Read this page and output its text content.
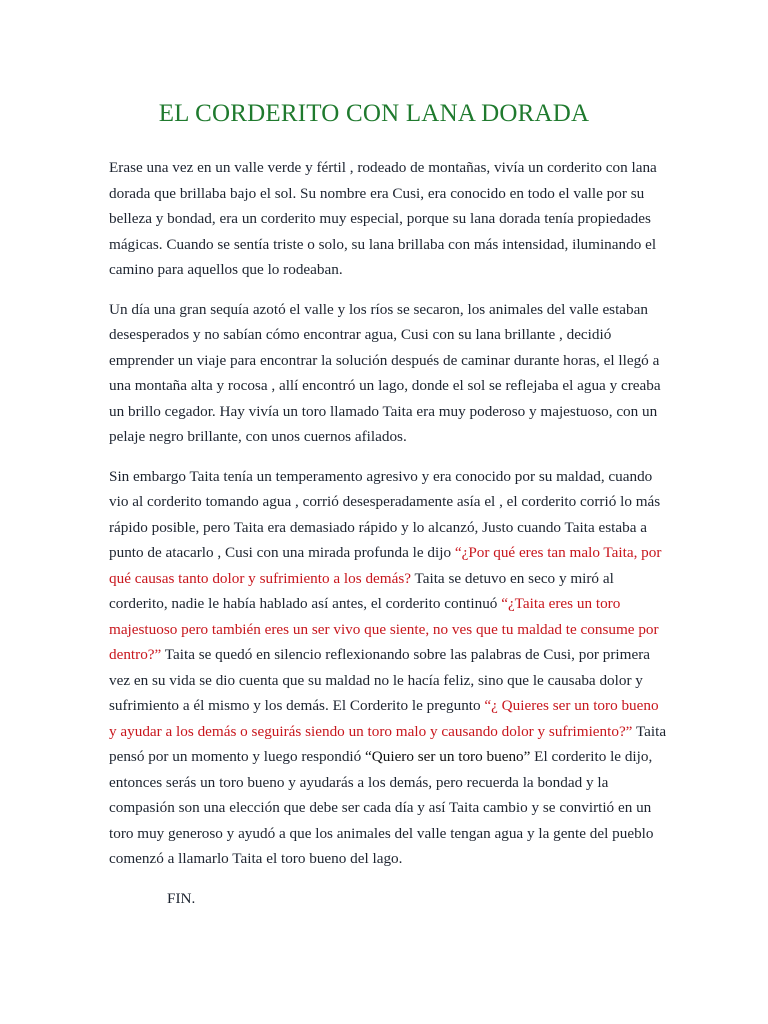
EL CORDERITO CON LANA DORADA

Erase una vez en un valle verde y fértil , rodeado de montañas, vivía un corderito con lana dorada que brillaba bajo el sol. Su nombre era Cusi, era conocido en todo el valle por su belleza y bondad, era un corderito muy especial, porque su lana dorada tenía propiedades mágicas. Cuando se sentía triste o solo, su lana brillaba con más intensidad, iluminando el camino para aquellos que lo rodeaban.

Un día una gran sequía azotó el valle y los ríos se secaron, los animales del valle estaban desesperados y no sabían cómo encontrar agua, Cusi con su lana brillante , decidió emprender un viaje para encontrar la solución después de caminar durante horas, el llegó a una montaña alta y rocosa , allí encontró un lago, donde el sol se reflejaba el agua y creaba un brillo cegador. Hay vivía un toro llamado Taita era muy poderoso y majestuoso, con un pelaje negro brillante, con unos cuernos afilados.

Sin embargo Taita tenía un temperamento agresivo y era conocido por su maldad, cuando vio al corderito tomando agua , corrió desesperadamente asía el , el corderito corrió lo más rápido posible, pero Taita era demasiado rápido y lo alcanzó, Justo cuando Taita estaba a punto de atacarlo , Cusi con una mirada profunda le dijo “¿Por qué eres tan malo Taita, por qué causas tanto dolor y sufrimiento a los demás? Taita se detuvo en seco y miró al corderito, nadie le había hablado así antes, el corderito continuó “¿Taita eres un toro majestuoso pero también eres un ser vivo que siente, no ves que tu maldad te consume por dentro?” Taita se quedó en silencio reflexionando sobre las palabras de Cusi, por primera vez en su vida se dio cuenta que su maldad no le hacía feliz, sino que le causaba dolor y sufrimiento a él mismo y los demás. El Corderito le pregunto “¿ Quieres ser un toro bueno y ayudar a los demás o seguirás siendo un toro malo y causando dolor y sufrimiento?” Taita pensó por un momento y luego respondió “Quiero ser un toro bueno” El corderito le dijo, entonces serás un toro bueno y ayudarás a los demás, pero recuerda la bondad y la compasión son una elección que debe ser cada día y así Taita cambio y se convirtió en un toro muy generoso y ayudó a que los animales del valle tengan agua y la gente del pueblo comenzó a llamarlo Taita el toro bueno del lago.

FIN.
